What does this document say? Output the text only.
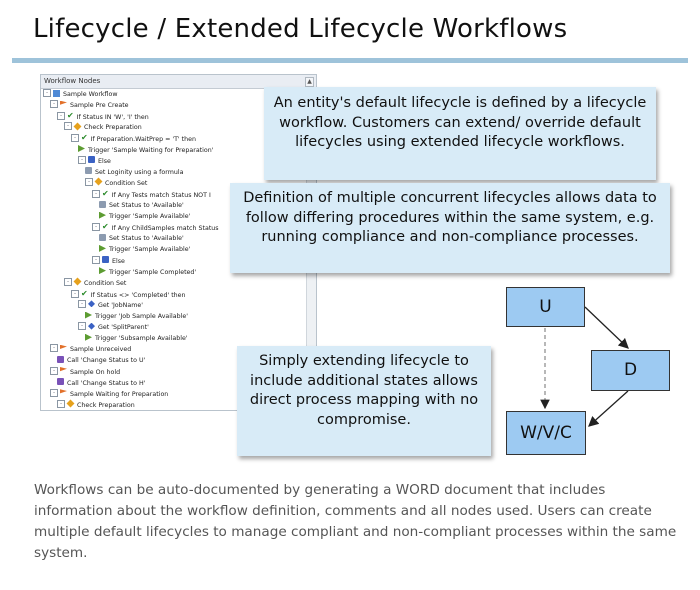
Lifecycle / Extended Lifecycle Workflows
Workflow Nodes	▲
- Sample Workflow
- Sample Pre Create
- ✔ If Status IN 'W', 'I' then
- Check Preparation
- ✔ If Preparation.WaitPrep = 'T' then
Trigger 'Sample Waiting for Preparation'
- Else
Set Loginity using a formula
- Condition Set
- ✔ If Any Tests match Status NOT I
Set Status to 'Available'
Trigger 'Sample Available'
- ✔ If Any ChildSamples match Status
Set Status to 'Available'
Trigger 'Sample Available'
- Else
Trigger 'Sample Completed'
- Condition Set
- ✔ If Status <> 'Completed' then
- Get 'JobName'
Trigger 'Job Sample Available'
- Get 'SplitParent'
Trigger 'Subsample Available'
- Sample Unreceived
Call 'Change Status to U'
- Sample On hold
Call 'Change Status to H'
- Sample Waiting for Preparation
- Check Preparation
An entity's default lifecycle is defined by a lifecycle workflow. Customers can extend/ override default lifecycles using extended lifecycle workflows.
Definition of multiple concurrent lifecycles allows data to follow differing procedures within the same system, e.g. running compliance and non-compliance processes.
Simply extending lifecycle to include additional states allows direct process mapping with no compromise.
U
D
W/V/C
Workflows can be auto-documented by generating a WORD document that includes information about the workflow definition, comments and all nodes used. Users can create multiple default lifecycles to manage compliant and non-compliant processes within the same system.
